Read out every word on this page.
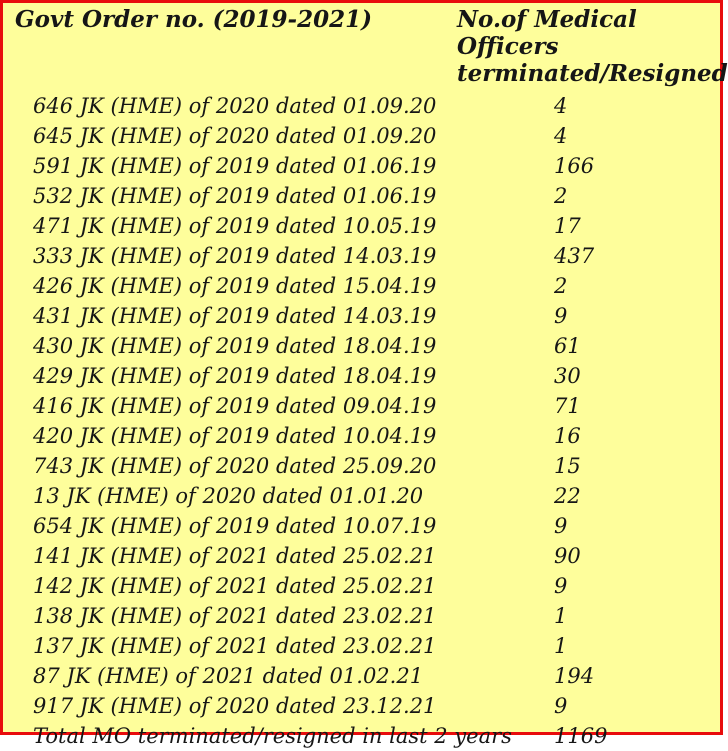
Govt Order no. (2019-2021)	No.of Medical Officers
terminated/Resigned
646 JK (HME) of 2020 dated 01.09.20	4
645 JK (HME) of 2020 dated 01.09.20	4
591 JK (HME) of 2019 dated 01.06.19	166
532 JK (HME) of 2019 dated 01.06.19	2
471 JK (HME) of 2019 dated 10.05.19	17
333 JK (HME) of 2019 dated 14.03.19	437
426 JK (HME) of 2019 dated 15.04.19	2
431 JK (HME) of 2019 dated 14.03.19	9
430 JK (HME) of 2019 dated 18.04.19	61
429 JK (HME) of 2019 dated 18.04.19	30
416 JK (HME) of 2019 dated 09.04.19	71
420 JK (HME) of 2019 dated 10.04.19	16
743 JK (HME) of 2020 dated 25.09.20	15
13 JK (HME) of 2020 dated 01.01.20	22
654 JK (HME) of 2019 dated 10.07.19	9
141 JK (HME) of 2021 dated 25.02.21	90
142 JK (HME) of 2021 dated 25.02.21	9
138 JK (HME) of 2021 dated 23.02.21	1
137 JK (HME) of 2021 dated 23.02.21	1
87 JK (HME) of 2021 dated 01.02.21	194
917 JK (HME) of 2020 dated 23.12.21	9
Total MO terminated/resigned in last 2 years	1169
